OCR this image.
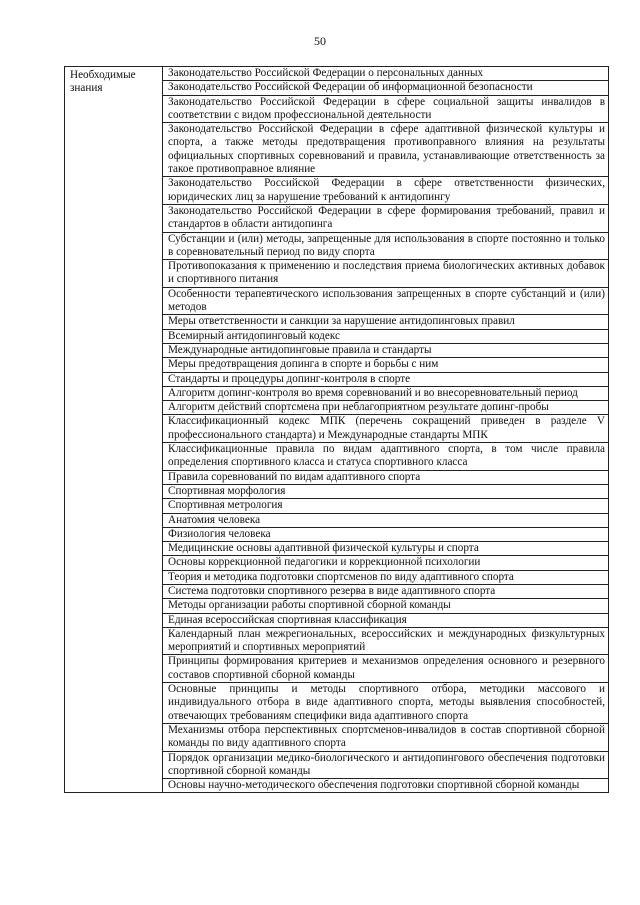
50
Необходимые знания	Законодательство Российской Федерации о персональных данных
Законодательство Российской Федерации об информационной безопасности
Законодательство Российской Федерации в сфере социальной защиты инвалидов в соответствии с видом профессиональной деятельности
Законодательство Российской Федерации в сфере адаптивной физической культуры и спорта, а также методы предотвращения противоправного влияния на результаты официальных спортивных соревнований и правила, устанавливающие ответственность за такое противоправное влияние
Законодательство Российской Федерации в сфере ответственности физических, юридических лиц за нарушение требований к антидопингу
Законодательство Российской Федерации в сфере формирования требований, правил и стандартов в области антидопинга
Субстанции и (или) методы, запрещенные для использования в спорте постоянно и только в соревновательный период по виду спорта
Противопоказания к применению и последствия приема биологических активных добавок и спортивного питания
Особенности терапевтического использования запрещенных в спорте субстанций и (или) методов
Меры ответственности и санкции за нарушение антидопинговых правил
Всемирный антидопинговый кодекс
Международные антидопинговые правила и стандарты
Меры предотвращения допинга в спорте и борьбы с ним
Стандарты и процедуры допинг-контроля в спорте
Алгоритм допинг-контроля во время соревнований и во внесоревновательный период
Алгоритм действий спортсмена при неблагоприятном результате допинг-пробы
Классификационный кодекс МПК (перечень сокращений приведен в разделе V профессионального стандарта) и Международные стандарты МПК
Классификационные правила по видам адаптивного спорта, в том числе правила определения спортивного класса и статуса спортивного класса
Правила соревнований по видам адаптивного спорта
Спортивная морфология
Спортивная метрология
Анатомия человека
Физиология человека
Медицинские основы адаптивной физической культуры и спорта
Основы коррекционной педагогики и коррекционной психологии
Теория и методика подготовки спортсменов по виду адаптивного спорта
Система подготовки спортивного резерва в виде адаптивного спорта
Методы организации работы спортивной сборной команды
Единая всероссийская спортивная классификация
Календарный план межрегиональных, всероссийских и международных физкультурных мероприятий и спортивных мероприятий
Принципы формирования критериев и механизмов определения основного и резервного составов спортивной сборной команды
Основные принципы и методы спортивного отбора, методики массового и индивидуального отбора в виде адаптивного спорта, методы выявления способностей, отвечающих требованиям специфики вида адаптивного спорта
Механизмы отбора перспективных спортсменов-инвалидов в состав спортивной сборной команды по виду адаптивного спорта
Порядок организации медико-биологического и антидопингового обеспечения подготовки спортивной сборной команды
Основы научно-методического обеспечения подготовки спортивной сборной команды
